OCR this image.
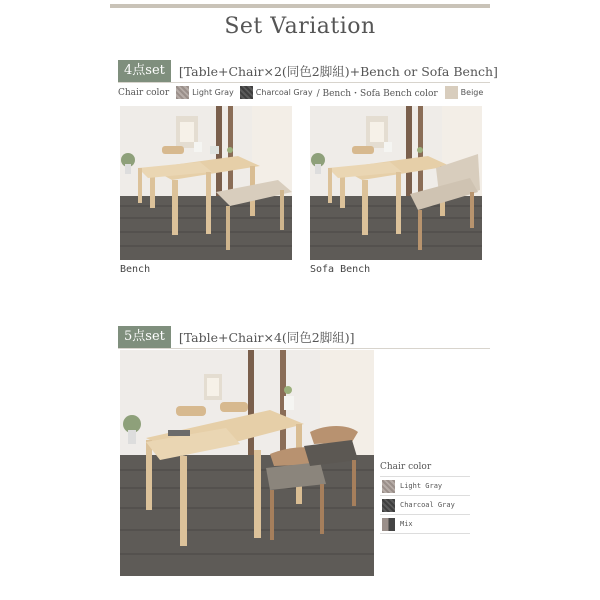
Set Variation
4点set	[Table+Chair×2(同色2脚組)+Bench or Sofa Bench]
Chair color	Light Gray	Charcoal Gray / Bench・Sofa Bench color	Beige
Bench	Sofa Bench
5点set	[Table+Chair×4(同色2脚組)]
Chair color
Light Gray
Charcoal Gray
Mix
